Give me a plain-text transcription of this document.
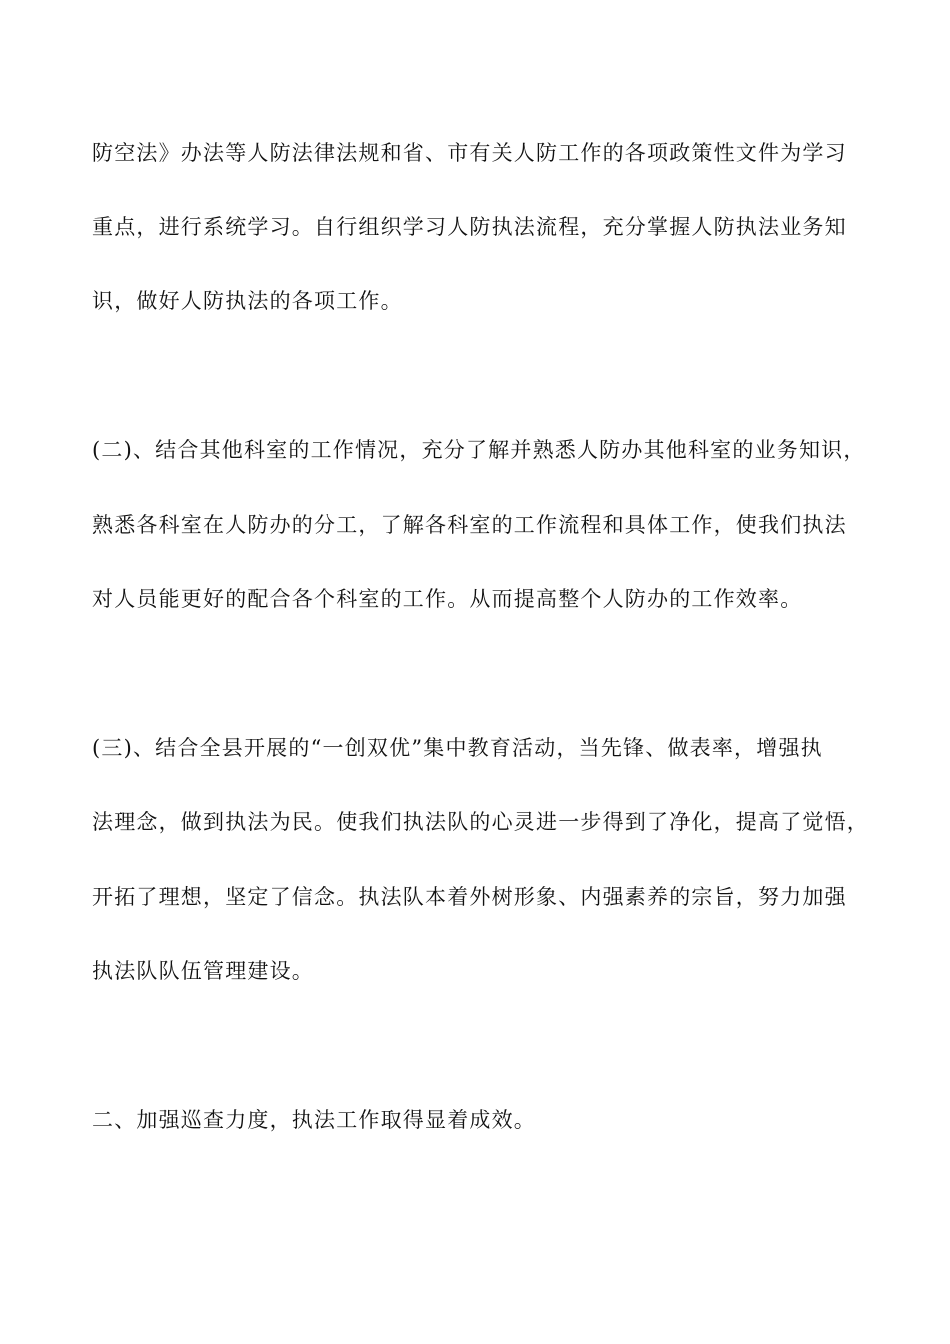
防空法》办法等人防法律法规和省、市有关人防工作的各项政策性文件为学习
重点，进行系统学习。自行组织学习人防执法流程，充分掌握人防执法业务知
识，做好人防执法的各项工作。
(二)、结合其他科室的工作情况，充分了解并熟悉人防办其他科室的业务知识，
熟悉各科室在人防办的分工，了解各科室的工作流程和具体工作，使我们执法
对人员能更好的配合各个科室的工作。从而提高整个人防办的工作效率。
(三)、结合全县开展的“一创双优”集中教育活动，当先锋、做表率，增强执
法理念，做到执法为民。使我们执法队的心灵进一步得到了净化，提高了觉悟，
开拓了理想，坚定了信念。执法队本着外树形象、内强素养的宗旨，努力加强
执法队队伍管理建设。
二、加强巡查力度，执法工作取得显着成效。
